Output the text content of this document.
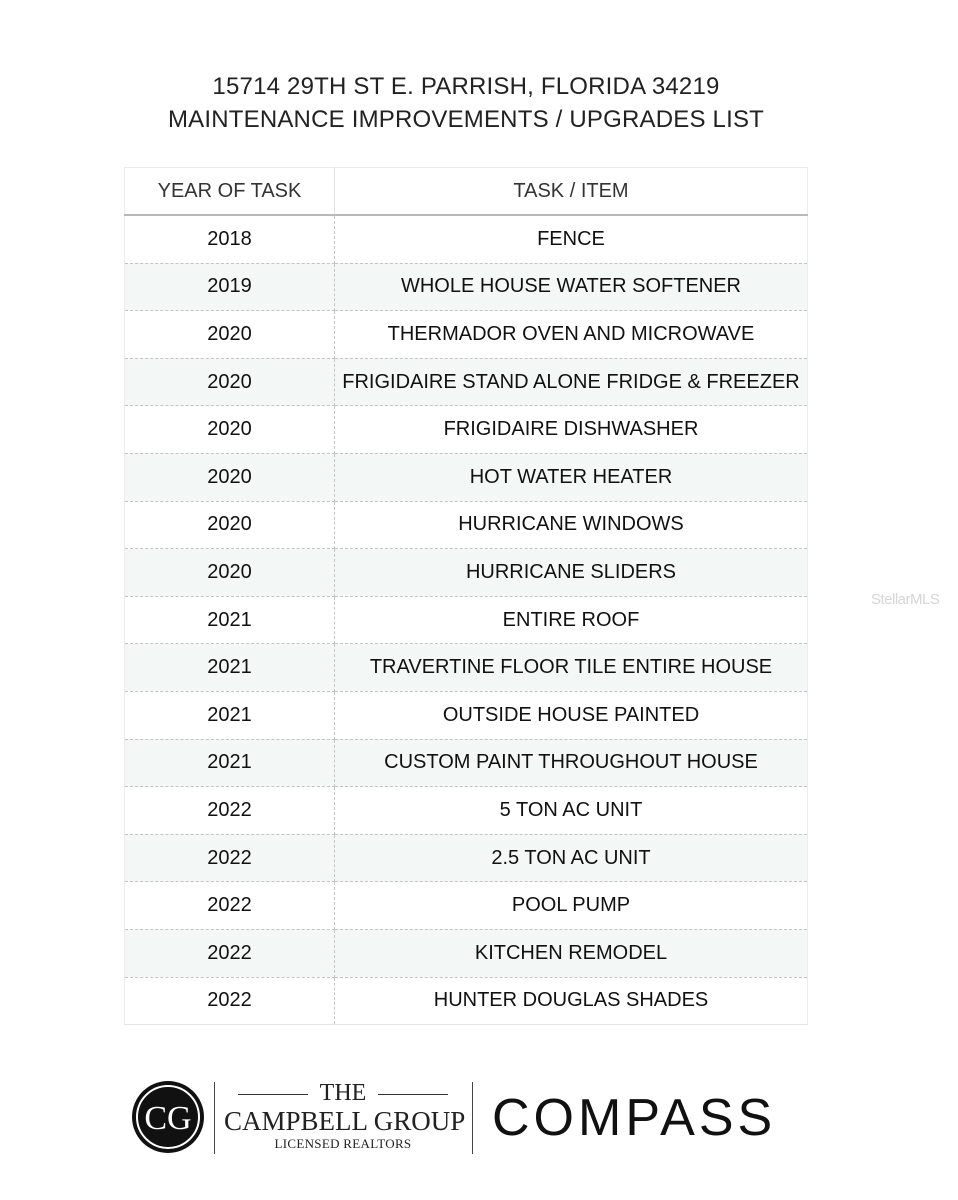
15714 29TH ST E. PARRISH, FLORIDA 34219
MAINTENANCE IMPROVEMENTS / UPGRADES LIST
YEAR OF TASK	TASK / ITEM
2018	FENCE
2019	WHOLE HOUSE WATER SOFTENER
2020	THERMADOR OVEN AND MICROWAVE
2020	FRIGIDAIRE STAND ALONE FRIDGE & FREEZER
2020	FRIGIDAIRE DISHWASHER
2020	HOT WATER HEATER
2020	HURRICANE WINDOWS
2020	HURRICANE SLIDERS
2021	ENTIRE ROOF
2021	TRAVERTINE FLOOR TILE ENTIRE HOUSE
2021	OUTSIDE HOUSE PAINTED
2021	CUSTOM PAINT THROUGHOUT HOUSE
2022	5 TON AC UNIT
2022	2.5 TON AC UNIT
2022	POOL PUMP
2022	KITCHEN REMODEL
2022	HUNTER DOUGLAS SHADES
StellarMLS
CG
THE
CAMPBELL GROUP
LICENSED REALTORS	COMPASS
